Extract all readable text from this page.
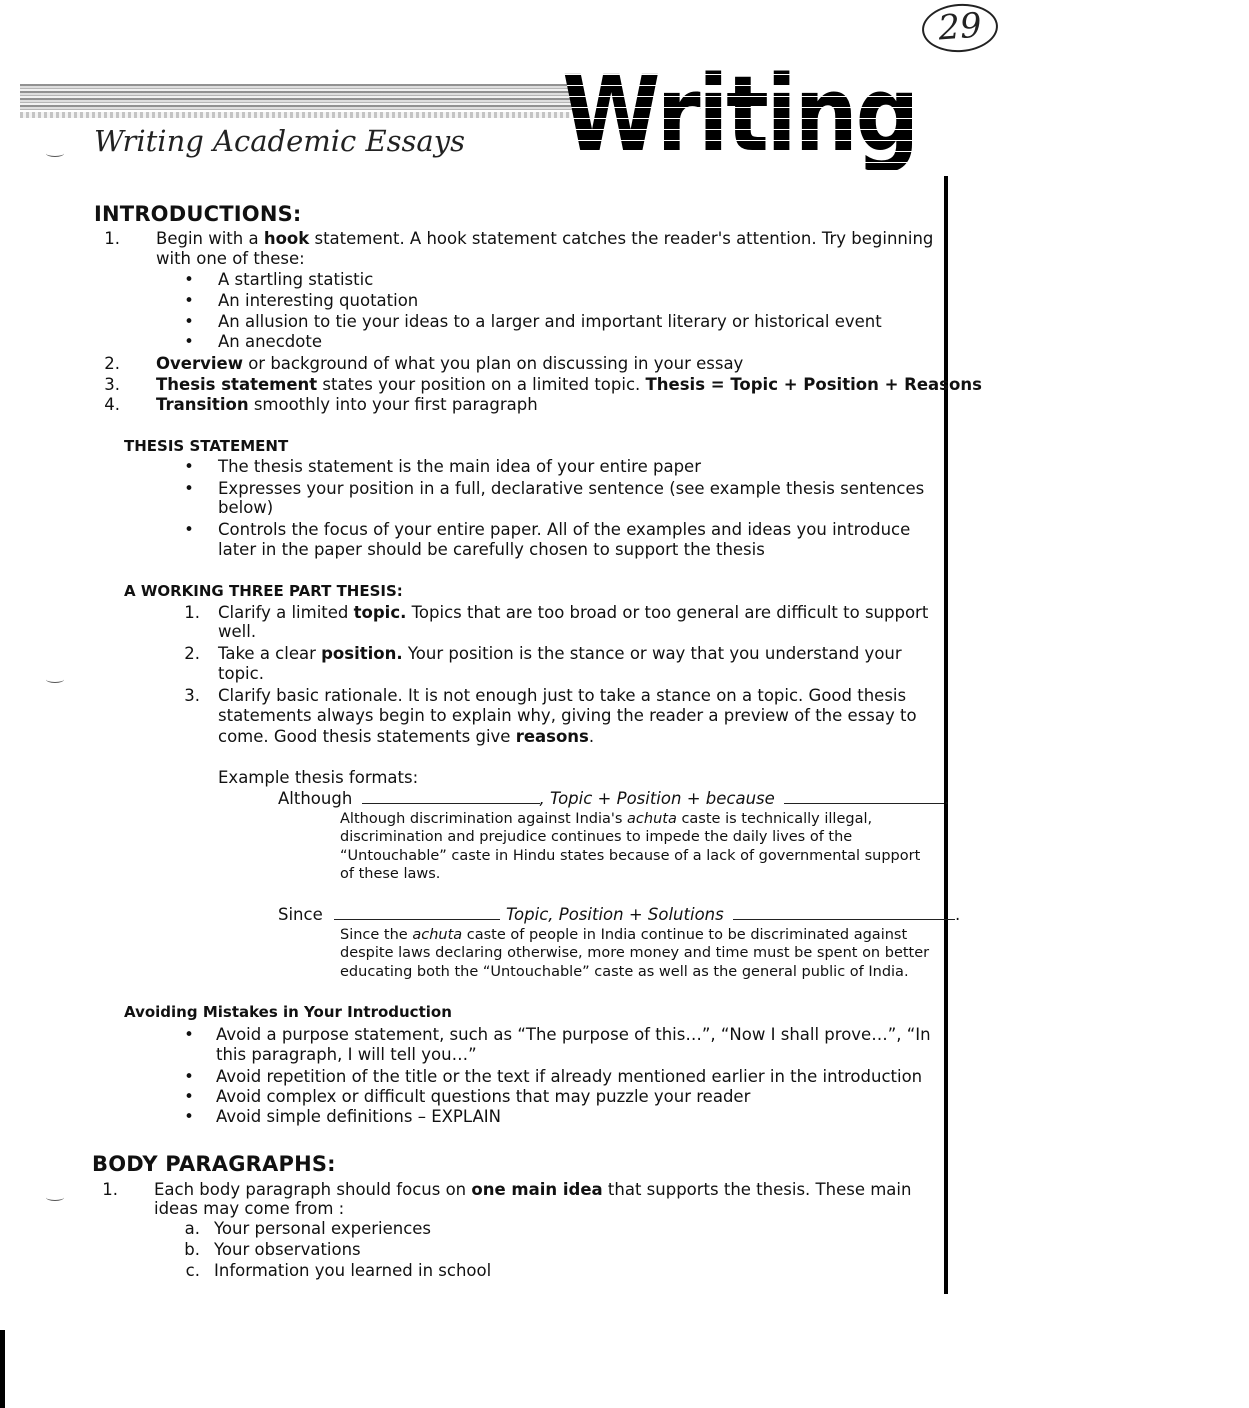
29
Writing Basics
Writing Academic Essays
INTRODUCTIONS:
1. Begin with a hook statement. A hook statement catches the reader's attention. Try beginning
with one of these:
• A startling statistic
• An interesting quotation
• An allusion to tie your ideas to a larger and important literary or historical event
• An anecdote
2. Overview or background of what you plan on discussing in your essay
3. Thesis statement states your position on a limited topic. Thesis = Topic + Position + Reasons
4. Transition smoothly into your first paragraph
THESIS STATEMENT
• The thesis statement is the main idea of your entire paper
• Expresses your position in a full, declarative sentence (see example thesis sentences
below)
• Controls the focus of your entire paper. All of the examples and ideas you introduce
later in the paper should be carefully chosen to support the thesis
A WORKING THREE PART THESIS:
1. Clarify a limited topic. Topics that are too broad or too general are difficult to support
well.
2. Take a clear position. Your position is the stance or way that you understand your
topic.
3. Clarify basic rationale. It is not enough just to take a stance on a topic. Good thesis
statements always begin to explain why, giving the reader a preview of the essay to
come. Good thesis statements give reasons.
Example thesis formats:
Although	, Topic + Position + because	.
Although discrimination against India's achuta caste is technically illegal,
discrimination and prejudice continues to impede the daily lives of the
“Untouchable” caste in Hindu states because of a lack of governmental support
of these laws.
Since	Topic, Position + Solutions	.
Since the achuta caste of people in India continue to be discriminated against
despite laws declaring otherwise, more money and time must be spent on better
educating both the “Untouchable” caste as well as the general public of India.
Avoiding Mistakes in Your Introduction
• Avoid a purpose statement, such as “The purpose of this…”, “Now I shall prove…”, “In
this paragraph, I will tell you…”
• Avoid repetition of the title or the text if already mentioned earlier in the introduction
• Avoid complex or difficult questions that may puzzle your reader
• Avoid simple definitions – EXPLAIN
BODY PARAGRAPHS:
1. Each body paragraph should focus on one main idea that supports the thesis. These main
ideas may come from :
a. Your personal experiences
b. Your observations
c. Information you learned in school
